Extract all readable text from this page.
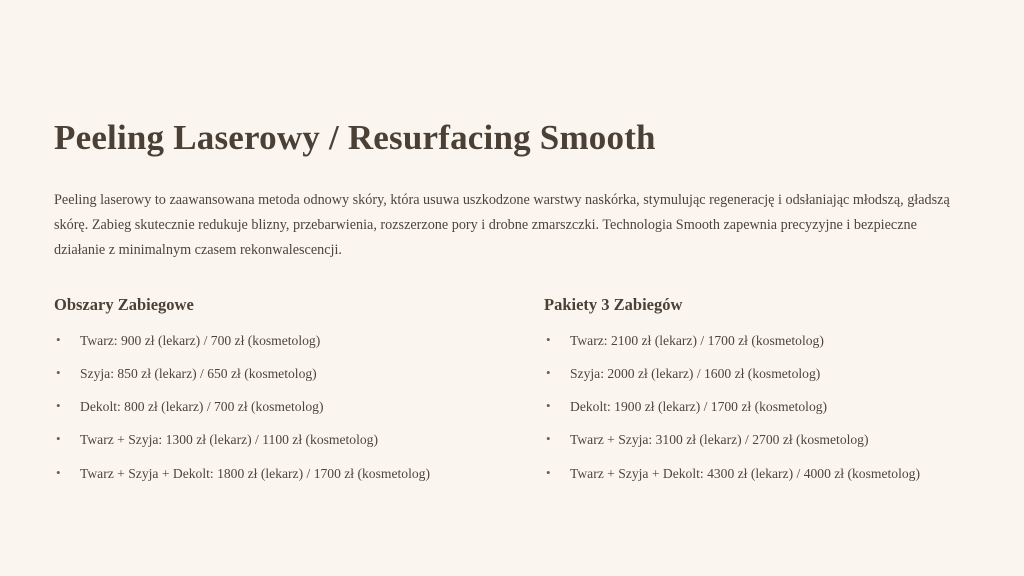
Peeling Laserowy / Resurfacing Smooth

Peeling laserowy to zaawansowana metoda odnowy skóry, która usuwa uszkodzone warstwy naskórka, stymulując regenerację i odsłaniając młodszą, gładszą skórę. Zabieg skutecznie redukuje blizny, przebarwienia, rozszerzone pory i drobne zmarszczki. Technologia Smooth zapewnia precyzyjne i bezpieczne działanie z minimalnym czasem rekonwalescencji.

Obszary Zabiegowe
• Twarz: 900 zł (lekarz) / 700 zł (kosmetolog)
• Szyja: 850 zł (lekarz) / 650 zł (kosmetolog)
• Dekolt: 800 zł (lekarz) / 700 zł (kosmetolog)
• Twarz + Szyja: 1300 zł (lekarz) / 1100 zł (kosmetolog)
• Twarz + Szyja + Dekolt: 1800 zł (lekarz) / 1700 zł (kosmetolog)
Pakiety 3 Zabiegów
• Twarz: 2100 zł (lekarz) / 1700 zł (kosmetolog)
• Szyja: 2000 zł (lekarz) / 1600 zł (kosmetolog)
• Dekolt: 1900 zł (lekarz) / 1700 zł (kosmetolog)
• Twarz + Szyja: 3100 zł (lekarz) / 2700 zł (kosmetolog)
• Twarz + Szyja + Dekolt: 4300 zł (lekarz) / 4000 zł (kosmetolog)
